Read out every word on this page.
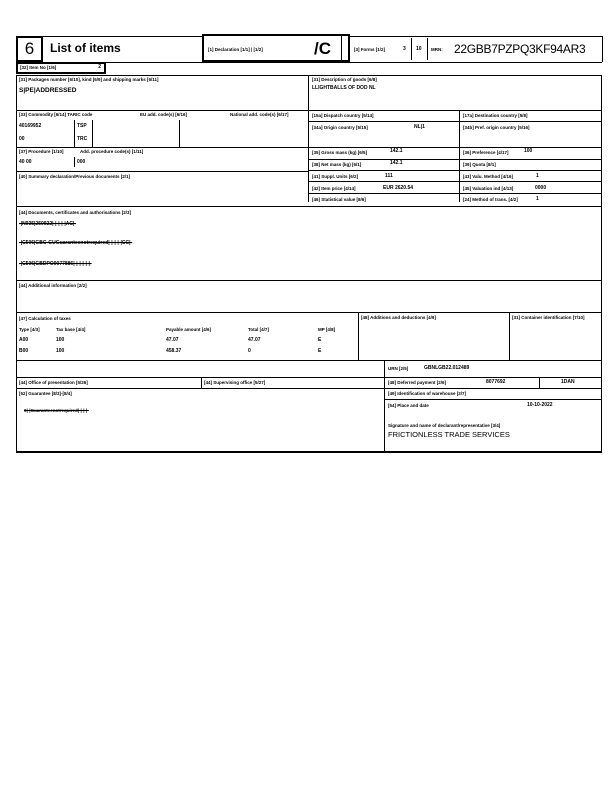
6	List of items	[1] Declaration [1/1] | [1/2]	/C	[3] Forms [1/2]	3 10 MRN: 22GBB7PZPQ3KF94AR3
[32] Item No [1/6]	2
[31] Packages number [6/10], kind [6/9] and shipping marks [6/11]
S|PE|ADDRESSED
[31] Description of goods [6/8]
LLIGHTBALLS OF DOD NL
[33] Commodity [6/14] TARIC code	EU add. code(s) [6/16]	National add. code(s) [6/17]
40169952
00
TSP
TRC
[15a] Dispatch country [5/14]	[17a] Destination country [5/8]
[34a] Origin country [5/15]	NL|1	[34b] Pref. origin country [5/16]
[37] Procedure [1/10]	Add. procedure code(s) [1/11]
40 00	000
[40] Summary declaration/Previous documents [2/1]
[35] Gross mass (kg) [6/5]	142.1	[36] Preference [4/17]	100
[38] Net mass (kg) [6/1]	142.1	[39] Quota [8/1]
[41] Suppl. Units [6/2]	111	[43] Valu. Method [4/16]	1
[42] Item price [4/14]	EUR 2620.54	[45] Valuation ind [4/13]	0000
[46] Statistical value [8/6]	[24] Method of trans. [4/2]	1
[44] Documents, certificates and authorisations [2/3]
-|N935|250922|-|-|-|-|AC|-
-|C506|GBC-GUGuaranteenotrequired|-|-|-|-|CC|-
-|C506|GBDPO9077886|-|-|-|-|-|-
[44] Additional information [2/2]
[47] Calculation of taxes
Type [4/3]	Tax base [4/4]	Payable amount [4/6]	Total [4/7]	MP [4/8]
A00	100	47.07	47.07	E
B00	100	458.37	0	E
[48] Additions and deductions [4/9]	[31] Container identification [7/10]
URN [2/5]	GBNLGB22.012489
[44] Office of presentation [5/26]	[44] Supervising office [5/27]	[48] Deferred payment [2/6]	8077692	1DAN
[52] Guarantee [8/3]-[8/4]
0|-|Guaranteenotrequired|-|-|-|-
[49] Identification of warehouse [2/7]
[54] Place and date	10-10-2022
Signature and name of declarant/representative [3/4]
FRICTIONLESS TRADE SERVICES
